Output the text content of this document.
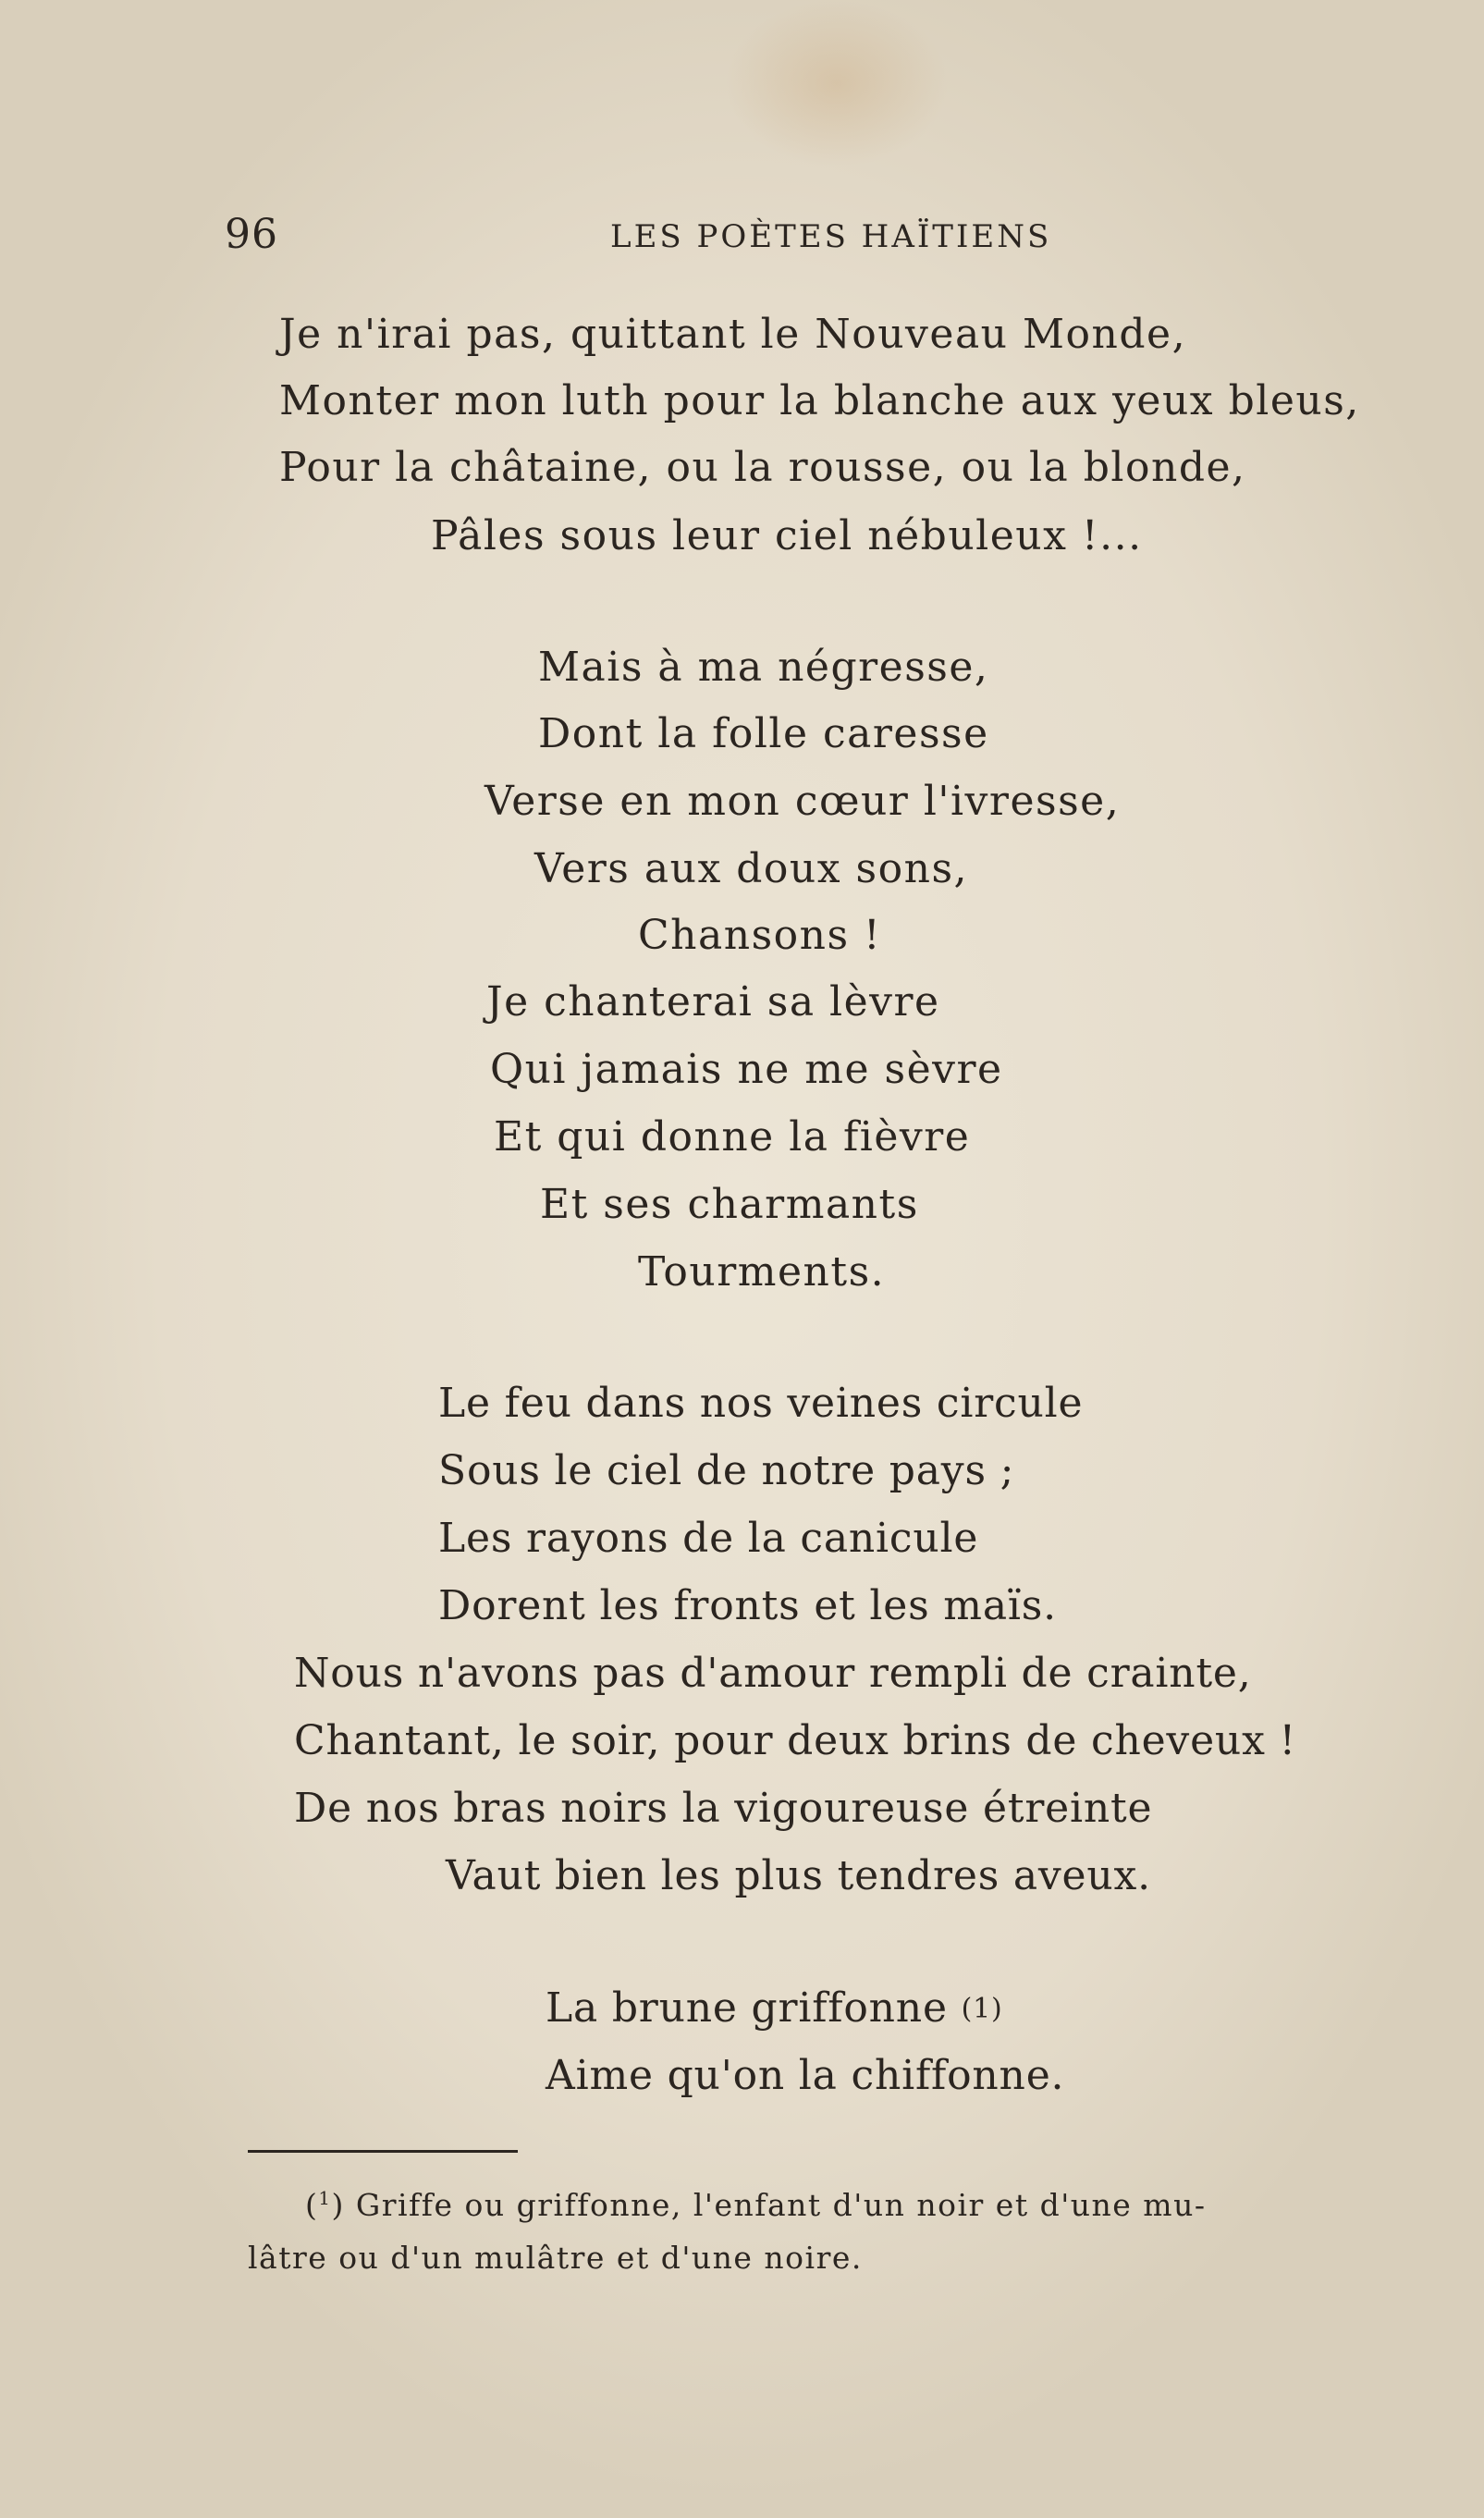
96	LES POÈTES HAÏTIENS
Je n'irai pas, quittant le Nouveau Monde,
Monter mon luth pour la blanche aux yeux bleus,
Pour la châtaine, ou la rousse, ou la blonde,
Pâles sous leur ciel nébuleux !...
Mais à ma négresse,
Dont la folle caresse
Verse en mon cœur l'ivresse,
Vers aux doux sons,
Chansons !
Je chanterai sa lèvre
Qui jamais ne me sèvre
Et qui donne la fièvre
Et ses charmants
Tourments.
Le feu dans nos veines circule
Sous le ciel de notre pays ;
Les rayons de la canicule
Dorent les fronts et les maïs.
Nous n'avons pas d'amour rempli de crainte,
Chantant, le soir, pour deux brins de cheveux !
De nos bras noirs la vigoureuse étreinte
Vaut bien les plus tendres aveux.
La brune griffonne (1)
Aime qu'on la chiffonne.
($^1$) Griffe ou griffonne, l'enfant d'un noir et d'une mu-
lâtre ou d'un mulâtre et d'une noire.
